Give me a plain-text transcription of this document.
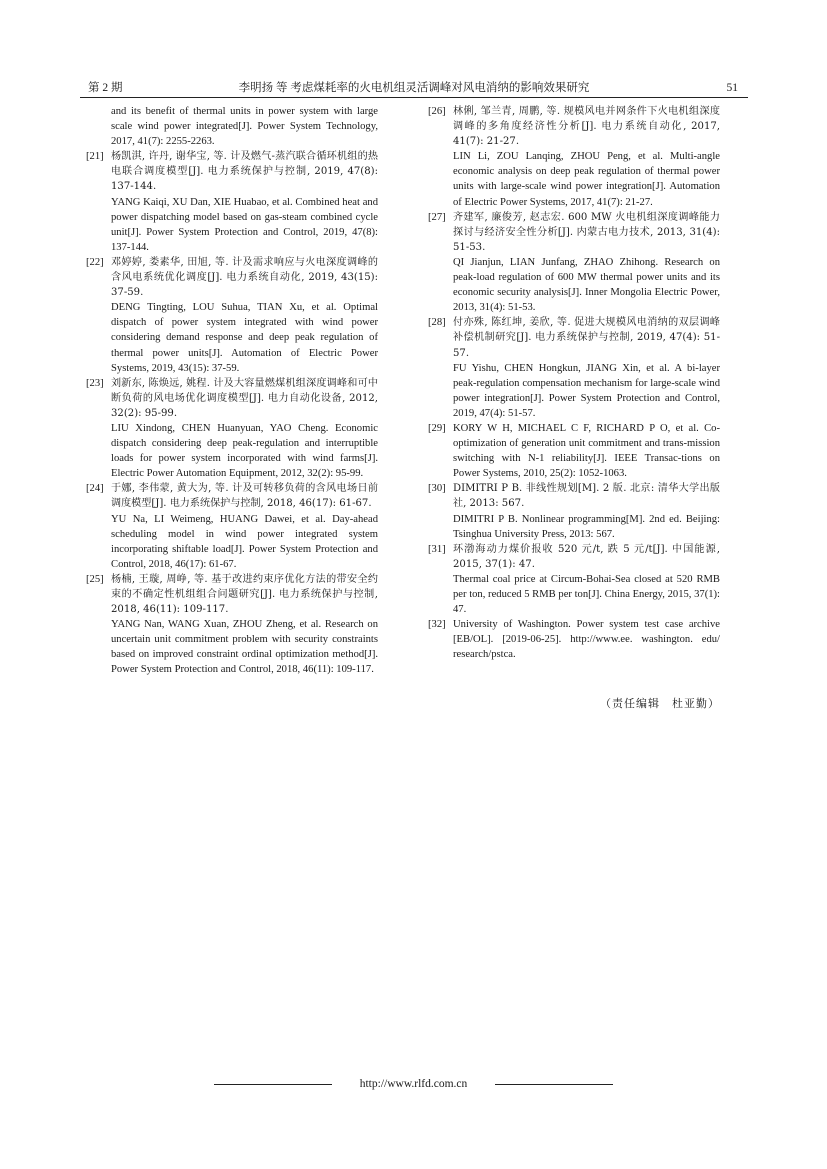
第 2 期	李明扬 等 考虑煤耗率的火电机组灵活调峰对风电消纳的影响效果研究	51
and its benefit of thermal units in power system with large scale wind power integrated[J]. Power System Technology, 2017, 41(7): 2255-2263.
[21] 杨凯淇, 许丹, 谢华宝, 等. 计及燃气-蒸汽联合循环机组的热电联合调度模型[J]. 电力系统保护与控制, 2019, 47(8): 137-144.
YANG Kaiqi, XU Dan, XIE Huabao, et al. Combined heat and power dispatching model based on gas-steam combined cycle unit[J]. Power System Protection and Control, 2019, 47(8): 137-144.
[22] 邓婷婷, 娄素华, 田旭, 等. 计及需求响应与火电深度调峰的含风电系统优化调度[J]. 电力系统自动化, 2019, 43(15): 37-59.
DENG Tingting, LOU Suhua, TIAN Xu, et al. Optimal dispatch of power system integrated with wind power considering demand response and deep peak regulation of thermal power units[J]. Automation of Electric Power Systems, 2019, 43(15): 37-59.
[23] 刘新东, 陈焕远, 姚程. 计及大容量燃煤机组深度调峰和可中断负荷的风电场优化调度模型[J]. 电力自动化设备, 2012, 32(2): 95-99.
LIU Xindong, CHEN Huanyuan, YAO Cheng. Economic dispatch considering deep peak-regulation and interruptible loads for power system incorporated with wind farms[J]. Electric Power Automation Equipment, 2012, 32(2): 95-99.
[24] 于娜, 李伟蒙, 黄大为, 等. 计及可转移负荷的含风电场日前调度模型[J]. 电力系统保护与控制, 2018, 46(17): 61-67.
YU Na, LI Weimeng, HUANG Dawei, et al. Day-ahead scheduling model in wind power integrated system incorporating shiftable load[J]. Power System Protection and Control, 2018, 46(17): 61-67.
[25] 杨楠, 王璇, 周峥, 等. 基于改进约束序优化方法的带安全约束的不确定性机组组合问题研究[J]. 电力系统保护与控制, 2018, 46(11): 109-117.
YANG Nan, WANG Xuan, ZHOU Zheng, et al. Research on uncertain unit commitment problem with security constraints based on improved constraint ordinal optimization method[J]. Power System Protection and Control, 2018, 46(11): 109-117.
[26] 林俐, 邹兰青, 周鹏, 等. 规模风电并网条件下火电机组深度调峰的多角度经济性分析[J]. 电力系统自动化, 2017, 41(7): 21-27.
LIN Li, ZOU Lanqing, ZHOU Peng, et al. Multi-angle economic analysis on deep peak regulation of thermal power units with large-scale wind power integration[J]. Automation of Electric Power Systems, 2017, 41(7): 21-27.
[27] 齐建军, 廉俊芳, 赵志宏. 600 MW 火电机组深度调峰能力探讨与经济安全性分析[J]. 内蒙古电力技术, 2013, 31(4): 51-53.
QI Jianjun, LIAN Junfang, ZHAO Zhihong. Research on peak-load regulation of 600 MW thermal power units and its economic security analysis[J]. Inner Mongolia Electric Power, 2013, 31(4): 51-53.
[28] 付亦殊, 陈红坤, 姜欣, 等. 促进大规模风电消纳的双层调峰补偿机制研究[J]. 电力系统保护与控制, 2019, 47(4): 51-57.
FU Yishu, CHEN Hongkun, JIANG Xin, et al. A bi-layer peak-regulation compensation mechanism for large-scale wind power integration[J]. Power System Protection and Control, 2019, 47(4): 51-57.
[29] KORY W H, MICHAEL C F, RICHARD P O, et al. Co-optimization of generation unit commitment and trans-mission switching with N-1 reliability[J]. IEEE Transac-tions on Power Systems, 2010, 25(2): 1052-1063.
[30] DIMITRI P B. 非线性规划[M]. 2 版. 北京: 清华大学出版社, 2013: 567.
DIMITRI P B. Nonlinear programming[M]. 2nd ed. Beijing: Tsinghua University Press, 2013: 567.
[31] 环渤海动力煤价报收 520 元/t, 跌 5 元/t[J]. 中国能源, 2015, 37(1): 47.
Thermal coal price at Circum-Bohai-Sea closed at 520 RMB per ton, reduced 5 RMB per ton[J]. China Energy, 2015, 37(1): 47.
[32] University of Washington. Power system test case archive [EB/OL]. [2019-06-25]. http://www.ee. washington. edu/ research/pstca.
（责任编辑　杜亚勤）
http://www.rlfd.com.cn
